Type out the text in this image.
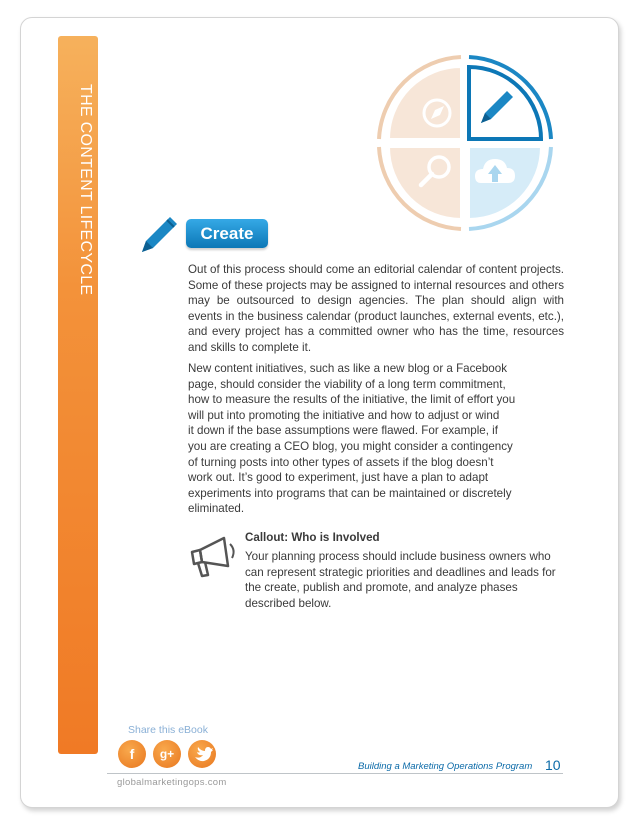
THE CONTENT LIFECYCLE	Create

Out of this process should come an editorial calendar of content projects. Some of these projects may be assigned to internal resources and others may be outsourced to design agencies. The plan should align with events in the business calendar (product launches, external events, etc.), and every project has a committed owner who has the time, resources and skills to complete it.

New content initiatives, such as like a new blog or a Facebook
page, should consider the viability of a long term commitment,
how to measure the results of the initiative, the limit of effort you
will put into promoting the initiative and how to adjust or wind
it down if the base assumptions were flawed. For example, if
you are creating a CEO blog, you might consider a contingency
of turning posts into other types of assets if the blog doesn’t
work out. It’s good to experiment, just have a plan to adapt
experiments into programs that can be maintained or discretely
eliminated.
Callout: Who is Involved

Your planning process should include business owners who can represent strategic priorities and deadlines and leads for the create, publish and promote, and analyze phases described below.

Share this eBook
f	g+
Building a Marketing Operations Program 10
globalmarketingops.com
